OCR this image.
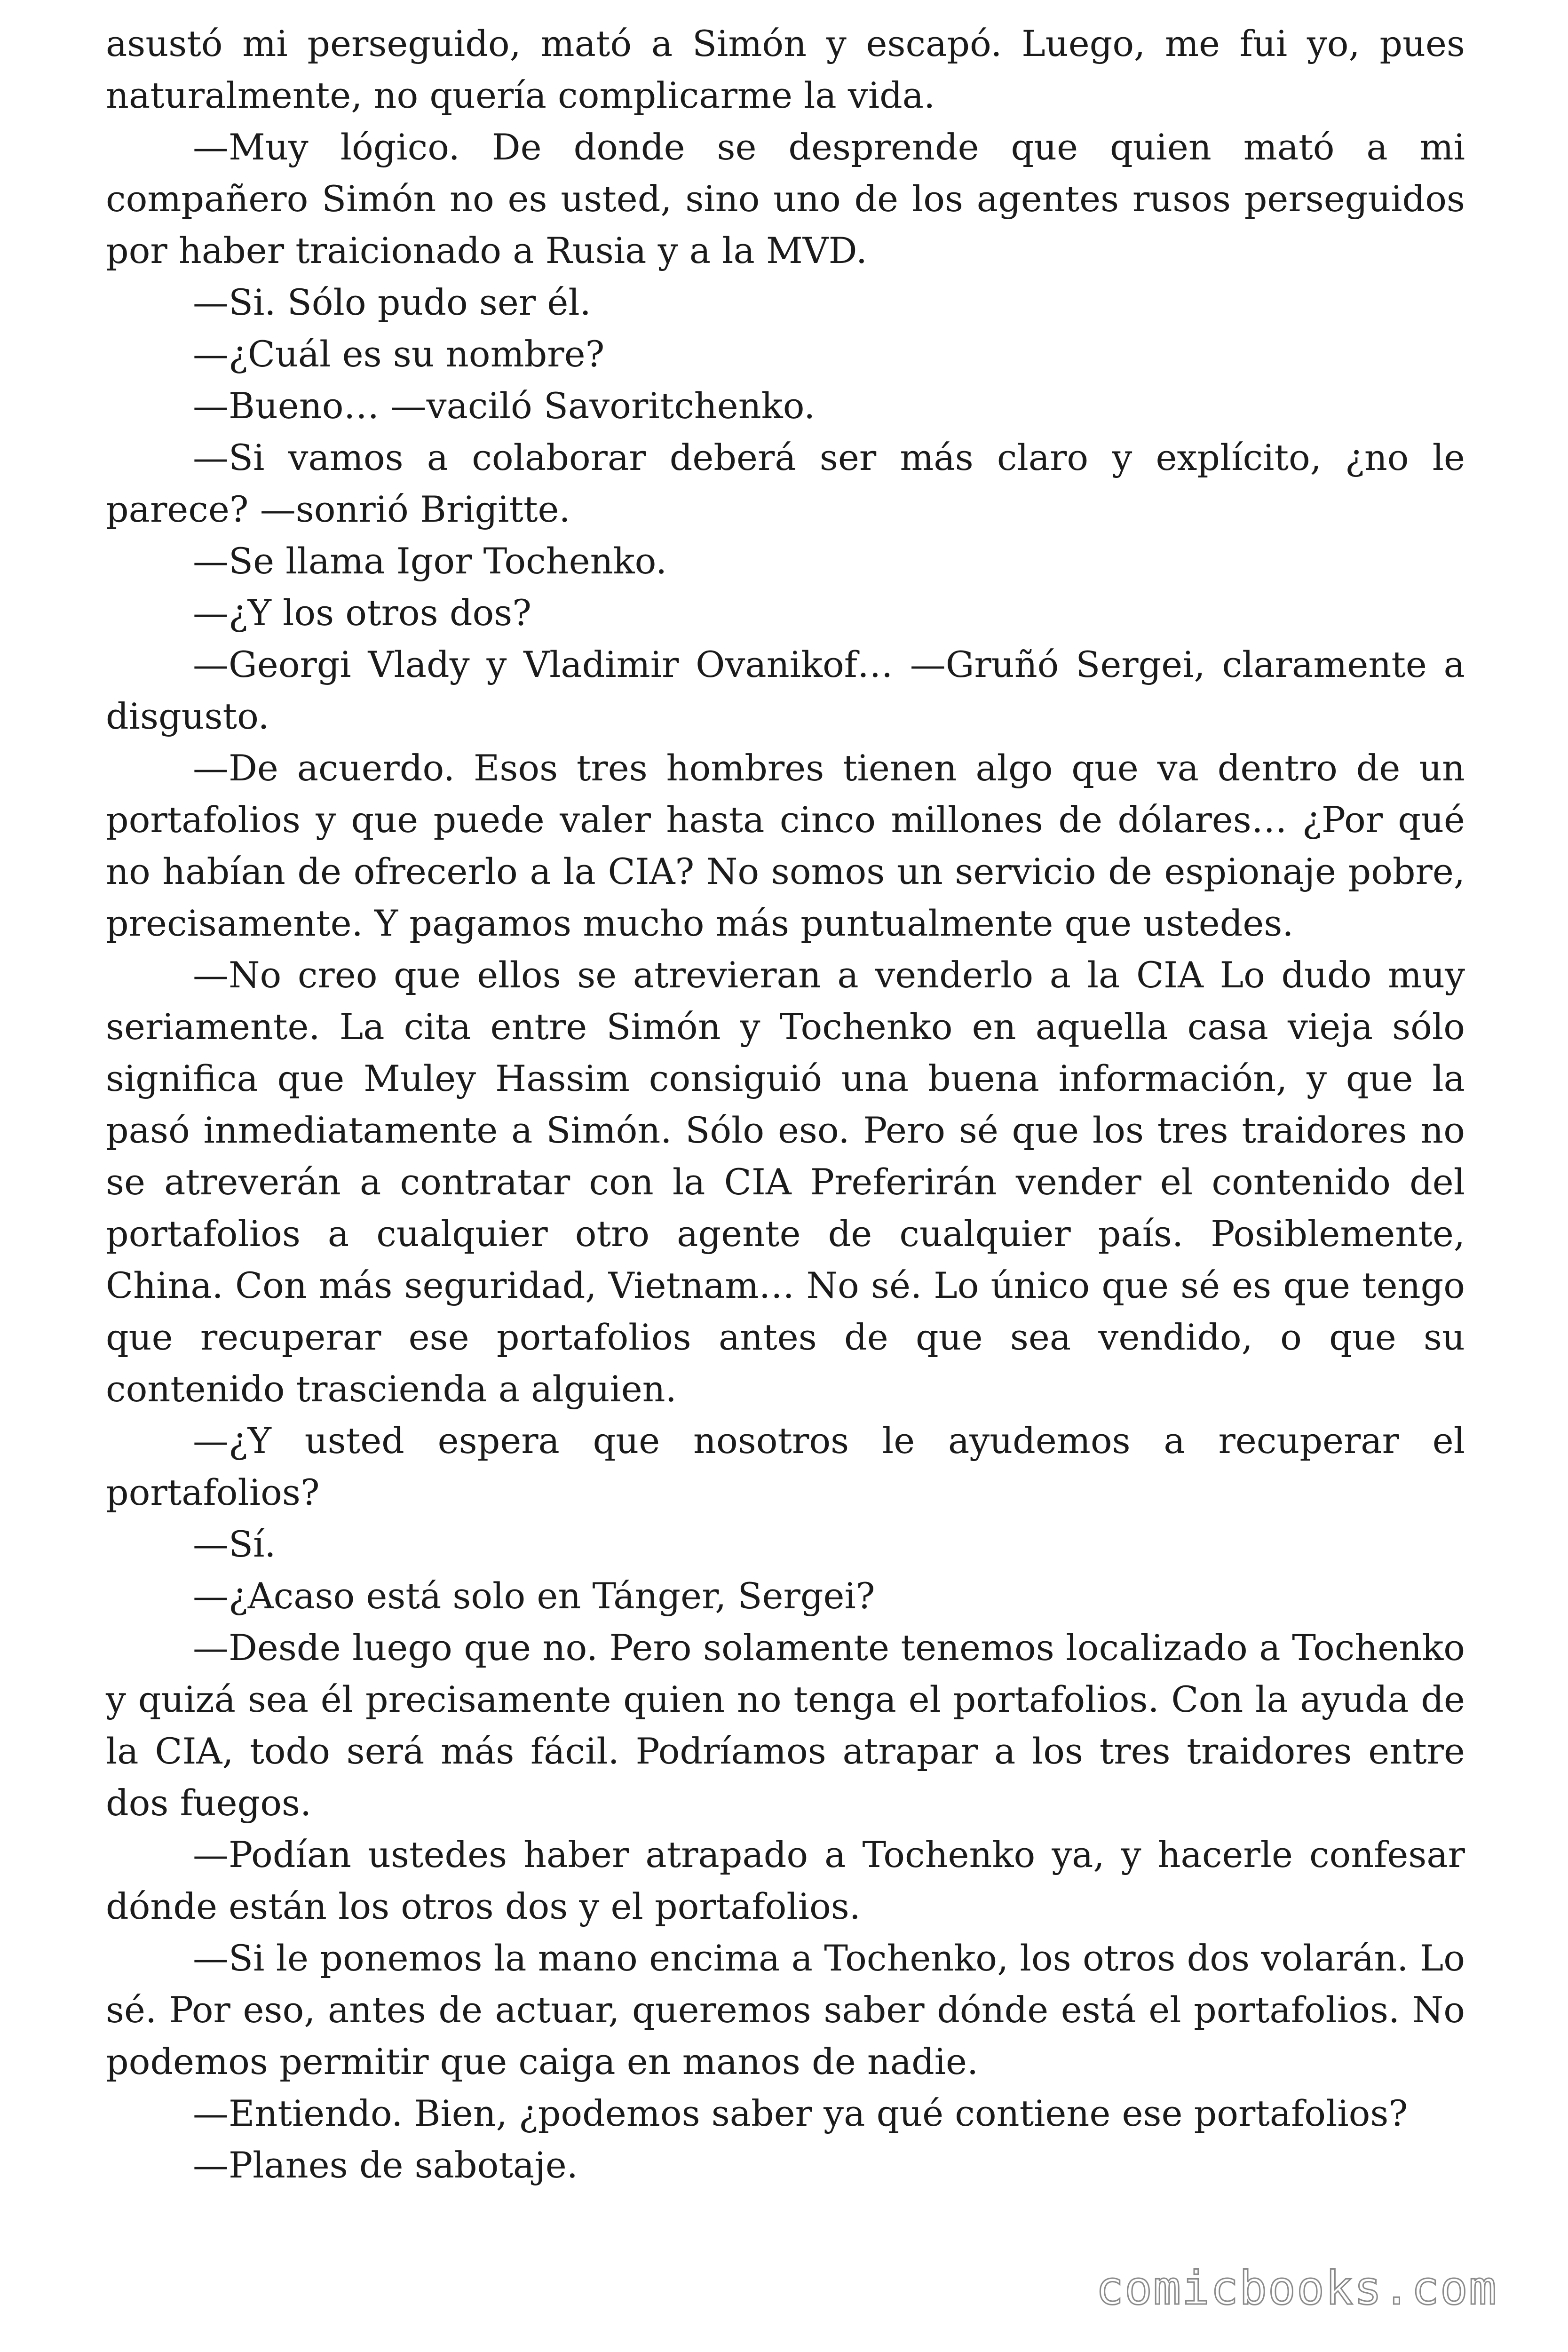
asustó mi perseguido, mató a Simón y escapó. Luego, me fui yo, pues naturalmente, no quería complicarme la vida.

—Muy lógico. De donde se desprende que quien mató a mi compañero Simón no es usted, sino uno de los agentes rusos perseguidos por haber traicionado a Rusia y a la MVD.

—Si. Sólo pudo ser él.

—¿Cuál es su nombre?

—Bueno… —vaciló Savoritchenko.

—Si vamos a colaborar deberá ser más claro y explícito, ¿no le parece? —sonrió Brigitte.

—Se llama Igor Tochenko.

—¿Y los otros dos?

—Georgi Vlady y Vladimir Ovanikof… —Gruñó Sergei, claramente a disgusto.

—De acuerdo. Esos tres hombres tienen algo que va dentro de un portafolios y que puede valer hasta cinco millones de dólares… ¿Por qué no habían de ofrecerlo a la CIA? No somos un servicio de espionaje pobre, precisamente. Y pagamos mucho más puntualmente que ustedes.

—No creo que ellos se atrevieran a venderlo a la CIA Lo dudo muy seriamente. La cita entre Simón y Tochenko en aquella casa vieja sólo significa que Muley Hassim consiguió una buena información, y que la pasó inmediatamente a Simón. Sólo eso. Pero sé que los tres traidores no se atreverán a contratar con la CIA Preferirán vender el contenido del portafolios a cualquier otro agente de cualquier país. Posiblemente, China. Con más seguridad, Vietnam… No sé. Lo único que sé es que tengo que recuperar ese portafolios antes de que sea vendido, o que su contenido trascienda a alguien.

—¿Y usted espera que nosotros le ayudemos a recuperar el portafolios?

—Sí.

—¿Acaso está solo en Tánger, Sergei?

—Desde luego que no. Pero solamente tenemos localizado a Tochenko y quizá sea él precisamente quien no tenga el portafolios. Con la ayuda de la CIA, todo será más fácil. Podríamos atrapar a los tres traidores entre dos fuegos.

—Podían ustedes haber atrapado a Tochenko ya, y hacerle confesar dónde están los otros dos y el portafolios.

—Si le ponemos la mano encima a Tochenko, los otros dos volarán. Lo sé. Por eso, antes de actuar, queremos saber dónde está el portafolios. No podemos permitir que caiga en manos de nadie.

—Entiendo. Bien, ¿podemos saber ya qué contiene ese portafolios?

—Planes de sabotaje.

comicbooks.com
